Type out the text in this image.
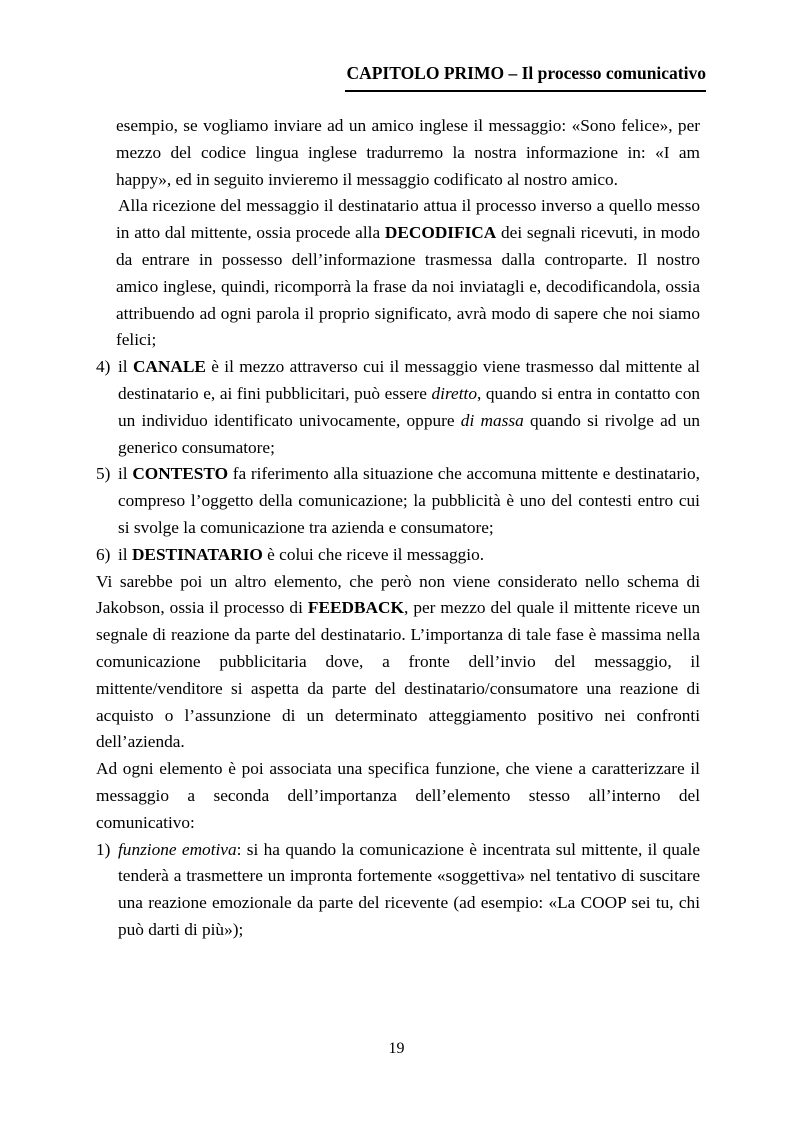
CAPITOLO PRIMO – Il processo comunicativo

esempio, se vogliamo inviare ad un amico inglese il messaggio: «Sono felice», per mezzo del codice lingua inglese tradurremo la nostra informazione in: «I am happy», ed in seguito invieremo il messaggio codificato al nostro amico.

Alla ricezione del messaggio il destinatario attua il processo inverso a quello messo in atto dal mittente, ossia procede alla DECODIFICA dei segnali ricevuti, in modo da entrare in possesso dell’informazione trasmessa dalla controparte. Il nostro amico inglese, quindi, ricomporrà la frase da noi inviatagli e, decodificandola, ossia attribuendo ad ogni parola il proprio significato, avrà modo di sapere che noi siamo felici;

4) il CANALE è il mezzo attraverso cui il messaggio viene trasmesso dal mittente al destinatario e, ai fini pubblicitari, può essere diretto, quando si entra in contatto con un individuo identificato univocamente, oppure di massa quando si rivolge ad un generico consumatore;

5) il CONTESTO fa riferimento alla situazione che accomuna mittente e destinatario, compreso l’oggetto della comunicazione; la pubblicità è uno del contesti entro cui si svolge la comunicazione tra azienda e consumatore;

6) il DESTINATARIO è colui che riceve il messaggio.

Vi sarebbe poi un altro elemento, che però non viene considerato nello schema di Jakobson, ossia il processo di FEEDBACK, per mezzo del quale il mittente riceve un segnale di reazione da parte del destinatario. L’importanza di tale fase è massima nella comunicazione pubblicitaria dove, a fronte dell’invio del messaggio, il mittente/venditore si aspetta da parte del destinatario/consumatore una reazione di acquisto o l’assunzione di un determinato atteggiamento positivo nei confronti dell’azienda.

Ad ogni elemento è poi associata una specifica funzione, che viene a caratterizzare il messaggio a seconda dell’importanza dell’elemento stesso all’interno del comunicativo:

1) funzione emotiva: si ha quando la comunicazione è incentrata sul mittente, il quale tenderà a trasmettere un impronta fortemente «soggettiva» nel tentativo di suscitare una reazione emozionale da parte del ricevente (ad esempio: «La COOP sei tu, chi può darti di più»);

19
